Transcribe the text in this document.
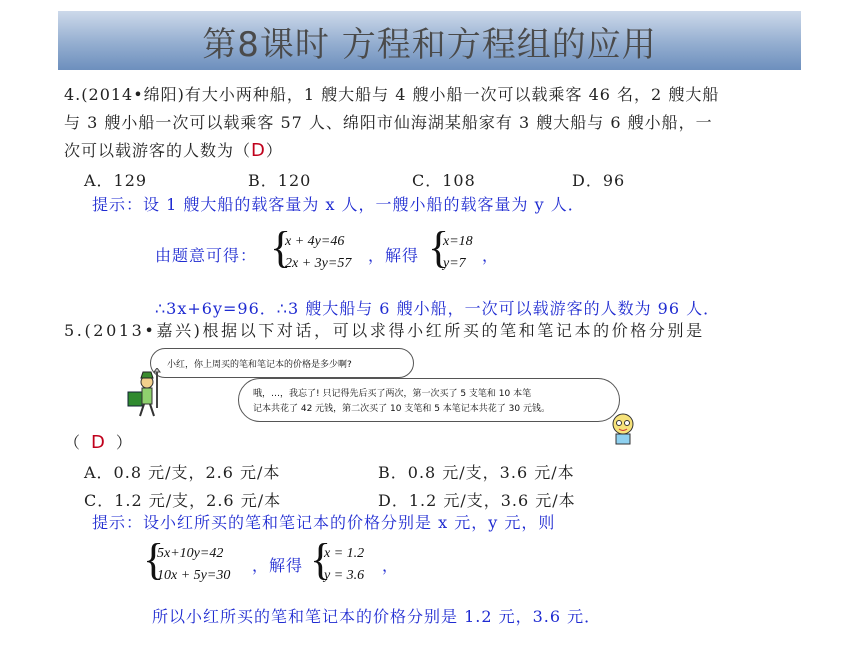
第8课时 方程和方程组的应用
4.(2014•绵阳)有大小两种船，1 艘大船与 4 艘小船一次可以载乘客 46 名，2 艘大船
与 3 艘小船一次可以载乘客 57 人、绵阳市仙海湖某船家有 3 艘大船与 6 艘小船，一
次可以载游客的人数为（D）
A．129	B．120	C．108	D．96
提示：设 1 艘大船的载客量为 x 人，一艘小船的载客量为 y 人．
由题意可得： {
x + 4y=46
2x + 3y=57 ，解得 {
x=18
y=7	，
∴3x+6y=96．∴3 艘大船与 6 艘小船，一次可以载游客的人数为 96 人．
5.(2013•嘉兴)根据以下对话，可以求得小红所买的笔和笔记本的价格分别是
小红，你上周买的笔和笔记本的价格是多少啊?
哦，…，我忘了! 只记得先后买了两次，第一次买了 5 支笔和 10 本笔
记本共花了 42 元钱，第二次买了 10 支笔和 5 本笔记本共花了 30 元钱。
（ D ）
A．0.8 元/支，2.6 元/本	B．0.8 元/支，3.6 元/本
C．1.2 元/支，2.6 元/本	D．1.2 元/支，3.6 元/本
提示：设小红所买的笔和笔记本的价格分别是 x 元，y 元，则
{
5x+10y=42
10x + 5y=30
，解得 {
x = 1.2
y = 3.6
，
所以小红所买的笔和笔记本的价格分别是 1.2 元，3.6 元．
